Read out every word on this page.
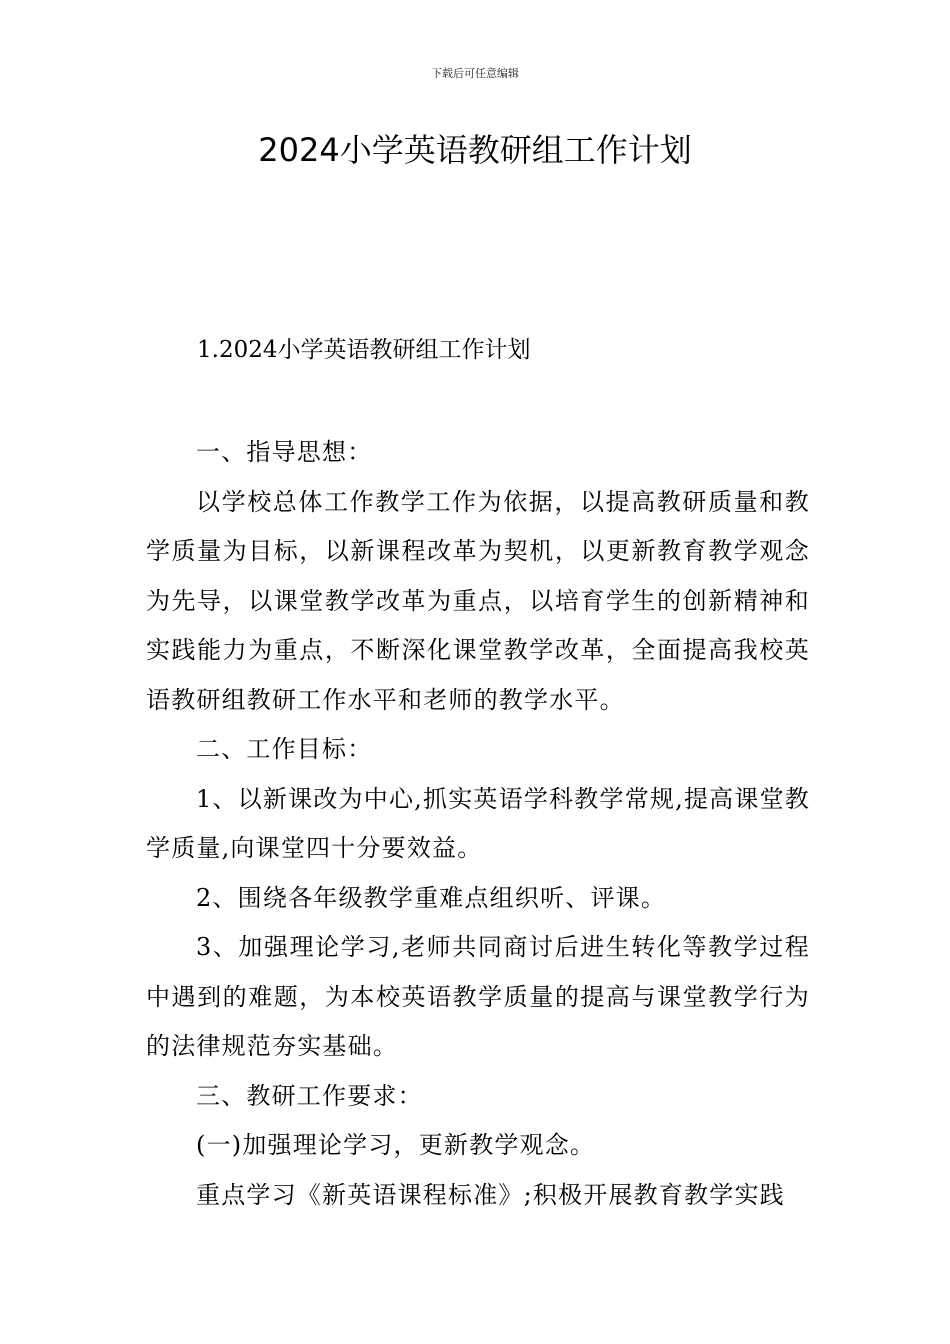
下载后可任意编辑
2024小学英语教研组工作计划
1.2024小学英语教研组工作计划

一、指导思想：

以学校总体工作教学工作为依据，以提高教研质量和教学质量为目标，以新课程改革为契机，以更新教育教学观念为先导，以课堂教学改革为重点，以培育学生的创新精神和实践能力为重点，不断深化课堂教学改革，全面提高我校英语教研组教研工作水平和老师的教学水平。

二、工作目标：

1、以新课改为中心,抓实英语学科教学常规,提高课堂教学质量,向课堂四十分要效益。

2、围绕各年级教学重难点组织听、评课。

3、加强理论学习,老师共同商讨后进生转化等教学过程中遇到的难题，为本校英语教学质量的提高与课堂教学行为的法律规范夯实基础。

三、教研工作要求：

(一)加强理论学习，更新教学观念。

重点学习《新英语课程标准》;积极开展教育教学实践
